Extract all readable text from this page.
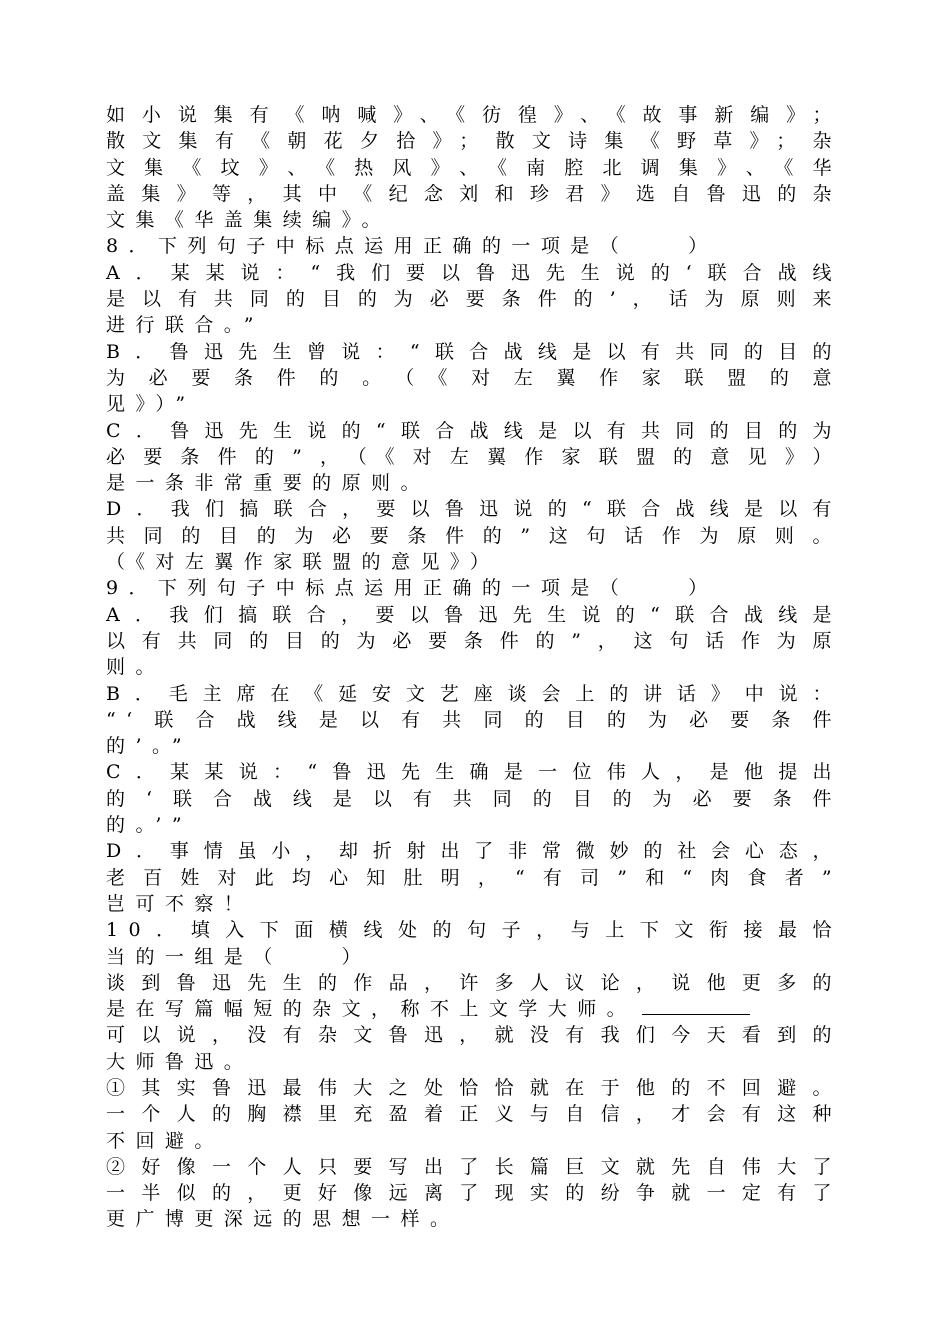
如小说集有《呐喊》、《彷徨》、《故事新编》；
散文集有《朝花夕拾》；散文诗集《野草》；杂
文集《坟》、《热风》、《南腔北调集》、《华
盖集》等，其中《纪念刘和珍君》选自鲁迅的杂
文集《华盖集续编》。
8．下列句子中标点运用正确的一项是（　　）
A．某某说：“我们要以鲁迅先生说的‘联合战线
是以有共同的目的为必要条件的’，话为原则来
进行联合。”
B．鲁迅先生曾说：“联合战线是以有共同的目的
为必要条件的。（《对左翼作家联盟的意
见》）”
C．鲁迅先生说的“联合战线是以有共同的目的为
必要条件的”，（《对左翼作家联盟的意见》）
是一条非常重要的原则。
D．我们搞联合，要以鲁迅说的“联合战线是以有
共同的目的为必要条件的”这句话作为原则。
（《对左翼作家联盟的意见》）
9．下列句子中标点运用正确的一项是（　　）
A．我们搞联合，要以鲁迅先生说的“联合战线是
以有共同的目的为必要条件的”，这句话作为原
则。
B．毛主席在《延安文艺座谈会上的讲话》中说：
“‘联合战线是以有共同的目的为必要条件
的’。”
C．某某说：“鲁迅先生确是一位伟人，是他提出
的‘联合战线是以有共同的目的为必要条件
的。’”
D．事情虽小，却折射出了非常微妙的社会心态，
老百姓对此均心知肚明，“有司”和“肉食者”
岂可不察！
10．填入下面横线处的句子，与上下文衔接最恰
当的一组是（　　）
谈到鲁迅先生的作品，许多人议论，说他更多的
是在写篇幅短的杂文，称不上文学大师。
可以说，没有杂文鲁迅，就没有我们今天看到的
大师鲁迅。
①其实鲁迅最伟大之处恰恰就在于他的不回避。
一个人的胸襟里充盈着正义与自信，才会有这种
不回避。
②好像一个人只要写出了长篇巨文就先自伟大了
一半似的，更好像远离了现实的纷争就一定有了
更广博更深远的思想一样。
